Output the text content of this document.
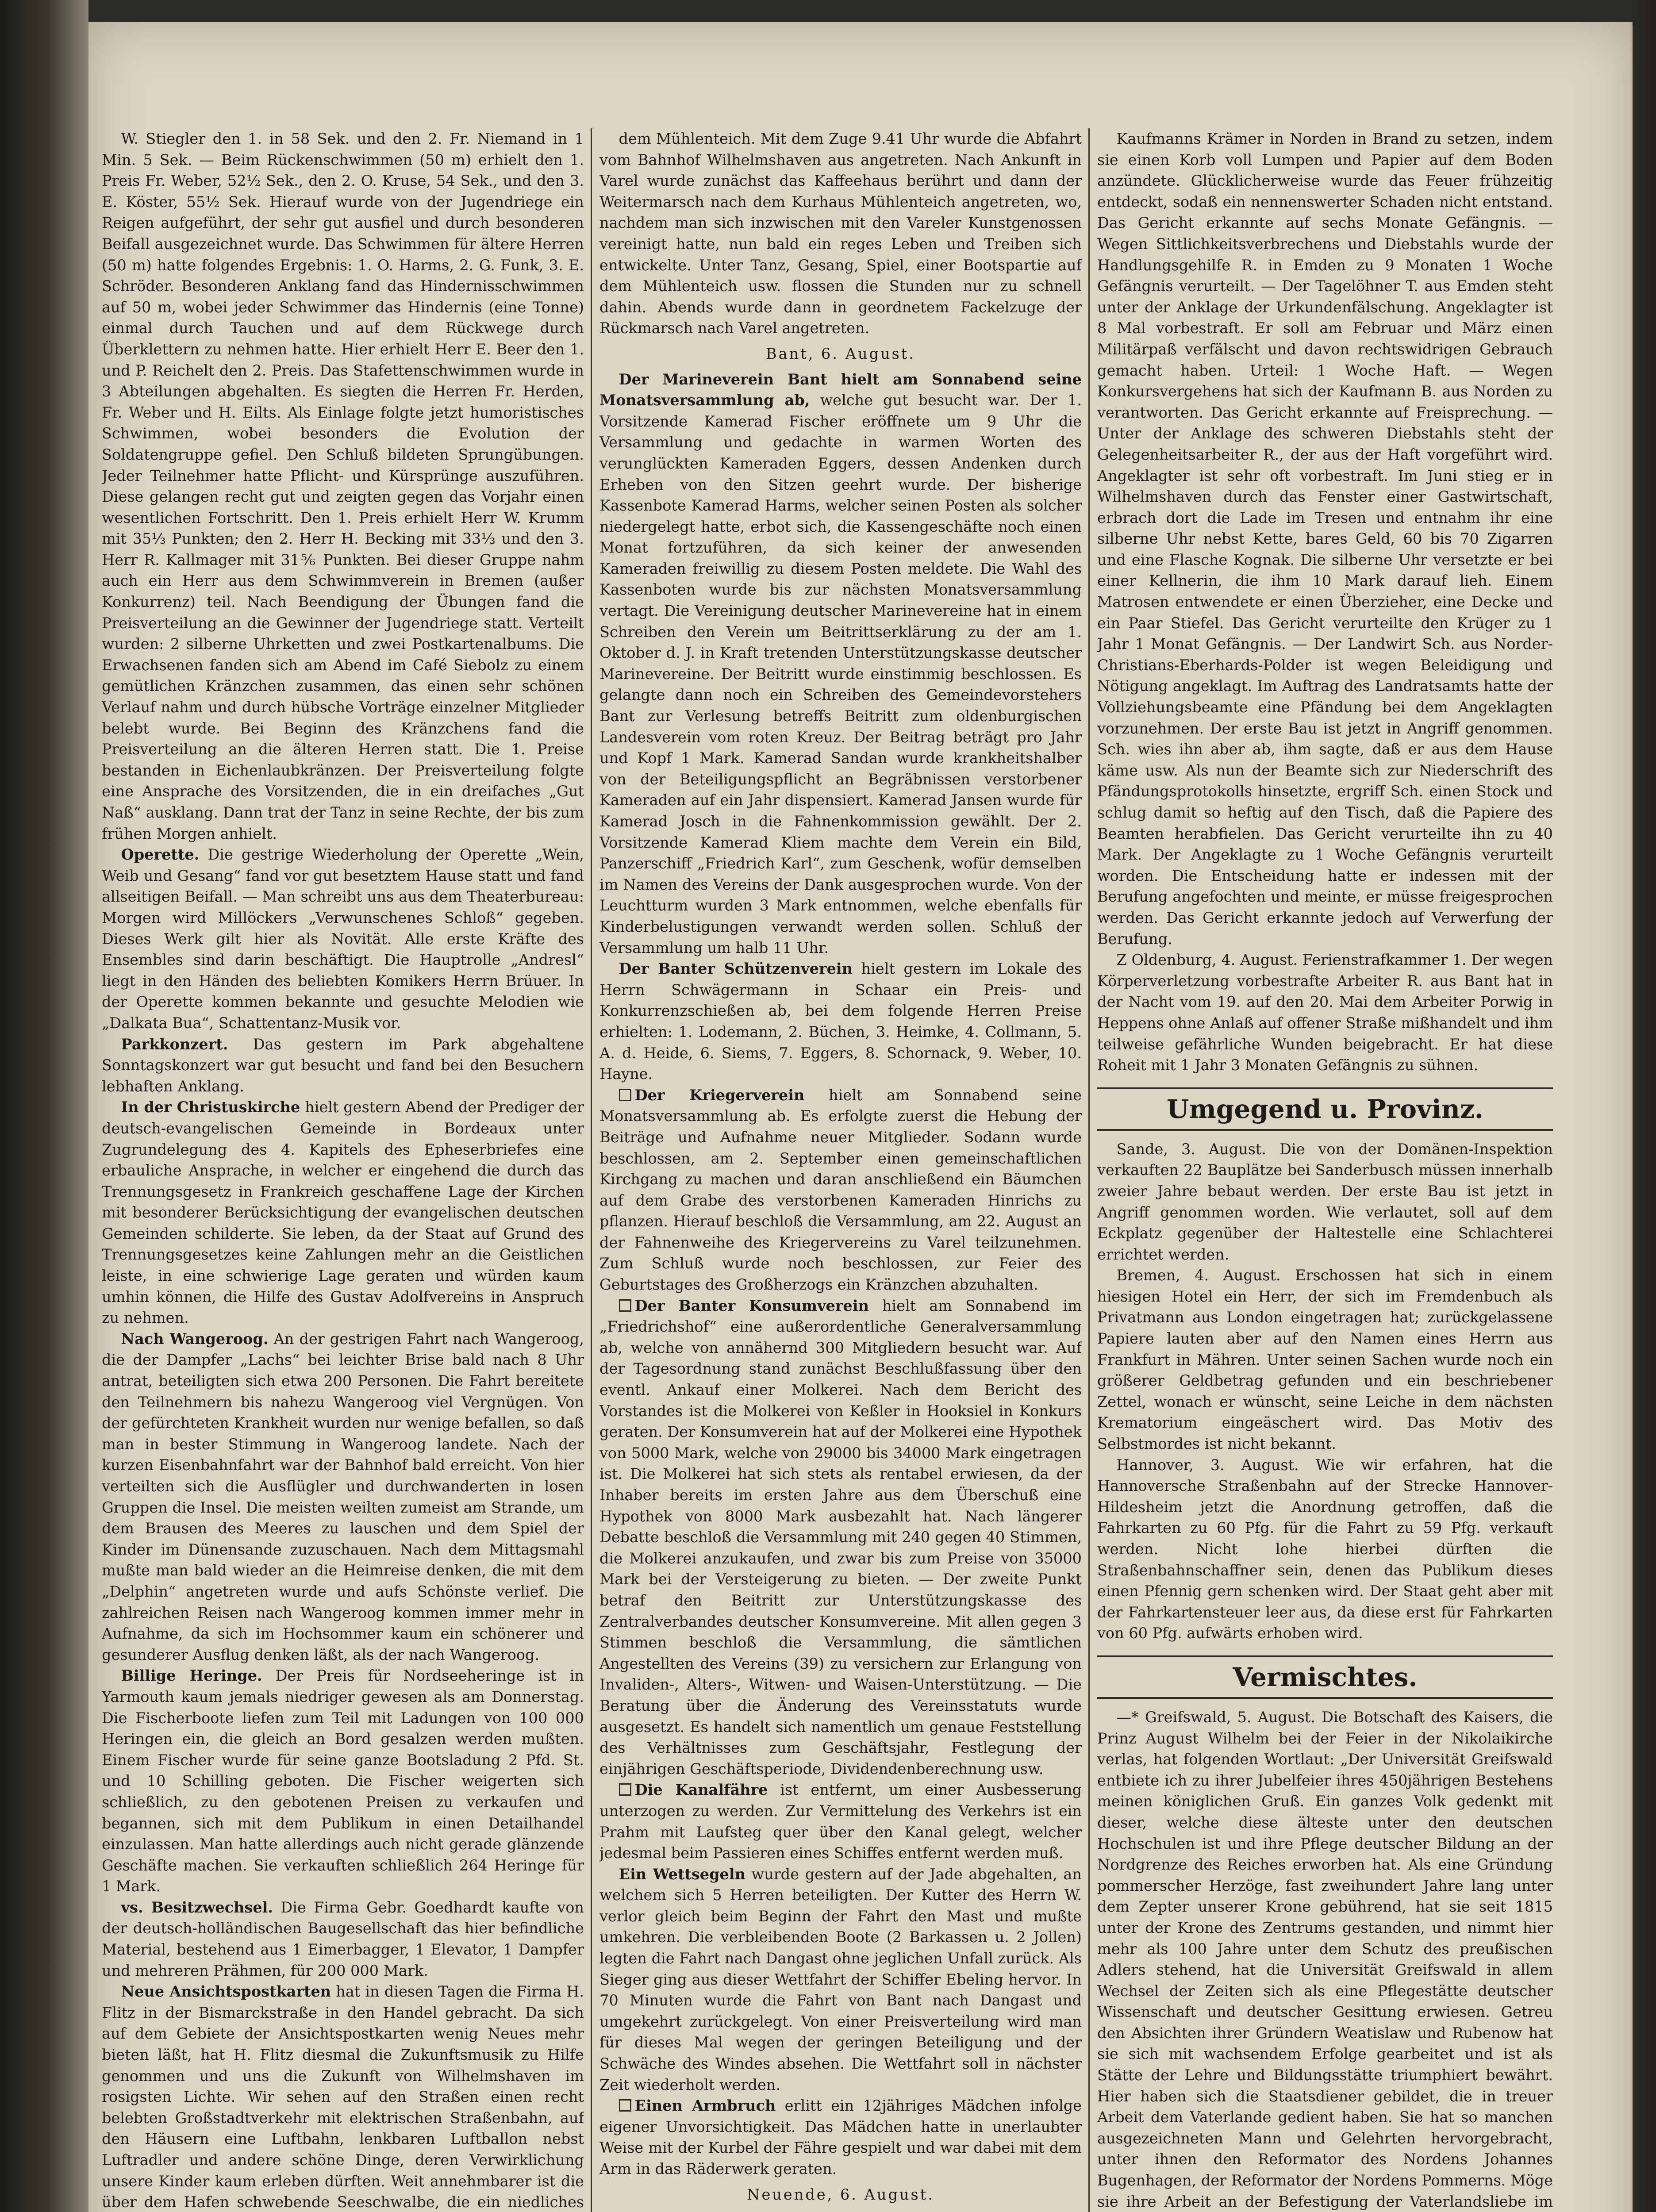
W. Stiegler den 1. in 58 Sek. und den 2. Fr. Niemand in 1 Min. 5 Sek. — Beim Rückenschwimmen (50 m) erhielt den 1. Preis Fr. Weber, 52½ Sek., den 2. O. Kruse, 54 Sek., und den 3. E. Köster, 55½ Sek. Hierauf wurde von der Jugendriege ein Reigen aufgeführt, der sehr gut ausfiel und durch besonderen Beifall ausgezeichnet wurde. Das Schwimmen für ältere Herren (50 m) hatte folgendes Ergebnis: 1. O. Harms, 2. G. Funk, 3. E. Schröder. Besonderen Anklang fand das Hindernisschwimmen auf 50 m, wobei jeder Schwimmer das Hindernis (eine Tonne) einmal durch Tauchen und auf dem Rückwege durch Überklettern zu nehmen hatte. Hier erhielt Herr E. Beer den 1. und P. Reichelt den 2. Preis. Das Stafettenschwimmen wurde in 3 Abteilungen abgehalten. Es siegten die Herren Fr. Herden, Fr. Weber und H. Eilts. Als Einlage folgte jetzt humoristisches Schwimmen, wobei besonders die Evolution der Soldatengruppe gefiel. Den Schluß bildeten Sprungübungen. Jeder Teilnehmer hatte Pflicht- und Kürsprünge auszuführen. Diese gelangen recht gut und zeigten gegen das Vorjahr einen wesentlichen Fortschritt. Den 1. Preis erhielt Herr W. Krumm mit 35⅓ Punkten; den 2. Herr H. Becking mit 33⅓ und den 3. Herr R. Kallmager mit 31⅚ Punkten. Bei dieser Gruppe nahm auch ein Herr aus dem Schwimmverein in Bremen (außer Konkurrenz) teil. Nach Beendigung der Übungen fand die Preisverteilung an die Gewinner der Jugendriege statt. Verteilt wurden: 2 silberne Uhrketten und zwei Postkartenalbums. Die Erwachsenen fanden sich am Abend im Café Siebolz zu einem gemütlichen Kränzchen zusammen, das einen sehr schönen Verlauf nahm und durch hübsche Vorträge einzelner Mitglieder belebt wurde. Bei Beginn des Kränzchens fand die Preisverteilung an die älteren Herren statt. Die 1. Preise bestanden in Eichenlaubkränzen. Der Preisverteilung folgte eine Ansprache des Vorsitzenden, die in ein dreifaches „Gut Naß“ ausklang. Dann trat der Tanz in seine Rechte, der bis zum frühen Morgen anhielt.

Operette. Die gestrige Wiederholung der Operette „Wein, Weib und Gesang“ fand vor gut besetztem Hause statt und fand allseitigen Beifall. — Man schreibt uns aus dem Theaterbureau: Morgen wird Millöckers „Verwunschenes Schloß“ gegeben. Dieses Werk gilt hier als Novität. Alle erste Kräfte des Ensembles sind darin beschäftigt. Die Hauptrolle „Andresl“ liegt in den Händen des beliebten Komikers Herrn Brüuer. In der Operette kommen bekannte und gesuchte Melodien wie „Dalkata Bua“, Schattentanz-Musik vor.

Parkkonzert. Das gestern im Park abgehaltene Sonntagskonzert war gut besucht und fand bei den Besuchern lebhaften Anklang.

In der Christuskirche hielt gestern Abend der Prediger der deutsch-evangelischen Gemeinde in Bordeaux unter Zugrundelegung des 4. Kapitels des Epheserbriefes eine erbauliche Ansprache, in welcher er eingehend die durch das Trennungsgesetz in Frankreich geschaffene Lage der Kirchen mit besonderer Berücksichtigung der evangelischen deutschen Gemeinden schilderte. Sie leben, da der Staat auf Grund des Trennungsgesetzes keine Zahlungen mehr an die Geistlichen leiste, in eine schwierige Lage geraten und würden kaum umhin können, die Hilfe des Gustav Adolfvereins in Anspruch zu nehmen.

Nach Wangeroog. An der gestrigen Fahrt nach Wangeroog, die der Dampfer „Lachs“ bei leichter Brise bald nach 8 Uhr antrat, beteiligten sich etwa 200 Personen. Die Fahrt bereitete den Teilnehmern bis nahezu Wangeroog viel Vergnügen. Von der gefürchteten Krankheit wurden nur wenige befallen, so daß man in bester Stimmung in Wangeroog landete. Nach der kurzen Eisenbahnfahrt war der Bahnhof bald erreicht. Von hier verteilten sich die Ausflügler und durchwanderten in losen Gruppen die Insel. Die meisten weilten zumeist am Strande, um dem Brausen des Meeres zu lauschen und dem Spiel der Kinder im Dünensande zuzuschauen. Nach dem Mittagsmahl mußte man bald wieder an die Heimreise denken, die mit dem „Delphin“ angetreten wurde und aufs Schönste verlief. Die zahlreichen Reisen nach Wangeroog kommen immer mehr in Aufnahme, da sich im Hochsommer kaum ein schönerer und gesunderer Ausflug denken läßt, als der nach Wangeroog.

Billige Heringe. Der Preis für Nordseeheringe ist in Yarmouth kaum jemals niedriger gewesen als am Donnerstag. Die Fischerboote liefen zum Teil mit Ladungen von 100 000 Heringen ein, die gleich an Bord gesalzen werden mußten. Einem Fischer wurde für seine ganze Bootsladung 2 Pfd. St. und 10 Schilling geboten. Die Fischer weigerten sich schließlich, zu den gebotenen Preisen zu verkaufen und begannen, sich mit dem Publikum in einen Detailhandel einzulassen. Man hatte allerdings auch nicht gerade glänzende Geschäfte machen. Sie verkauften schließlich 264 Heringe für 1 Mark.

vs. Besitzwechsel. Die Firma Gebr. Goedhardt kaufte von der deutsch-holländischen Baugesellschaft das hier befindliche Material, bestehend aus 1 Eimerbagger, 1 Elevator, 1 Dampfer und mehreren Prähmen, für 200 000 Mark.

Neue Ansichtspostkarten hat in diesen Tagen die Firma H. Flitz in der Bismarckstraße in den Handel gebracht. Da sich auf dem Gebiete der Ansichtspostkarten wenig Neues mehr bieten läßt, hat H. Flitz diesmal die Zukunftsmusik zu Hilfe genommen und uns die Zukunft von Wilhelmshaven im rosigsten Lichte. Wir sehen auf den Straßen einen recht belebten Großstadtverkehr mit elektrischen Straßenbahn, auf den Häusern eine Luftbahn, lenkbaren Luftballon nebst Luftradler und andere schöne Dinge, deren Verwirklichung unsere Kinder kaum erleben dürften. Weit annehmbarer ist die über dem Hafen schwebende Seeschwalbe, die ein niedliches

dem Mühlenteich. Mit dem Zuge 9.41 Uhr wurde die Abfahrt vom Bahnhof Wilhelmshaven aus angetreten. Nach Ankunft in Varel wurde zunächst das Kaffeehaus berührt und dann der Weitermarsch nach dem Kurhaus Mühlenteich angetreten, wo, nachdem man sich inzwischen mit den Vareler Kunstgenossen vereinigt hatte, nun bald ein reges Leben und Treiben sich entwickelte. Unter Tanz, Gesang, Spiel, einer Bootspartie auf dem Mühlenteich usw. flossen die Stunden nur zu schnell dahin. Abends wurde dann in geordnetem Fackelzuge der Rückmarsch nach Varel angetreten.

Bant, 6. August.

Der Marineverein Bant hielt am Sonnabend seine Monatsversammlung ab, welche gut besucht war. Der 1. Vorsitzende Kamerad Fischer eröffnete um 9 Uhr die Versammlung und gedachte in warmen Worten des verunglückten Kameraden Eggers, dessen Andenken durch Erheben von den Sitzen geehrt wurde. Der bisherige Kassenbote Kamerad Harms, welcher seinen Posten als solcher niedergelegt hatte, erbot sich, die Kassengeschäfte noch einen Monat fortzuführen, da sich keiner der anwesenden Kameraden freiwillig zu diesem Posten meldete. Die Wahl des Kassenboten wurde bis zur nächsten Monatsversammlung vertagt. Die Vereinigung deutscher Marinevereine hat in einem Schreiben den Verein um Beitrittserklärung zu der am 1. Oktober d. J. in Kraft tretenden Unterstützungskasse deutscher Marinevereine. Der Beitritt wurde einstimmig beschlossen. Es gelangte dann noch ein Schreiben des Gemeindevorstehers Bant zur Verlesung betreffs Beitritt zum oldenburgischen Landesverein vom roten Kreuz. Der Beitrag beträgt pro Jahr und Kopf 1 Mark. Kamerad Sandan wurde krankheitshalber von der Beteiligungspflicht an Begräbnissen verstorbener Kameraden auf ein Jahr dispensiert. Kamerad Jansen wurde für Kamerad Josch in die Fahnenkommission gewählt. Der 2. Vorsitzende Kamerad Kliem machte dem Verein ein Bild, Panzerschiff „Friedrich Karl“, zum Geschenk, wofür demselben im Namen des Vereins der Dank ausgesprochen wurde. Von der Leuchtturm wurden 3 Mark entnommen, welche ebenfalls für Kinderbelustigungen verwandt werden sollen. Schluß der Versammlung um halb 11 Uhr.

Der Banter Schützenverein hielt gestern im Lokale des Herrn Schwägermann in Schaar ein Preis- und Konkurrenzschießen ab, bei dem folgende Herren Preise erhielten: 1. Lodemann, 2. Büchen, 3. Heimke, 4. Collmann, 5. A. d. Heide, 6. Siems, 7. Eggers, 8. Schornack, 9. Weber, 10. Hayne.

Der Kriegerverein hielt am Sonnabend seine Monatsversammlung ab. Es erfolgte zuerst die Hebung der Beiträge und Aufnahme neuer Mitglieder. Sodann wurde beschlossen, am 2. September einen gemeinschaftlichen Kirchgang zu machen und daran anschließend ein Bäumchen auf dem Grabe des verstorbenen Kameraden Hinrichs zu pflanzen. Hierauf beschloß die Versammlung, am 22. August an der Fahnenweihe des Kriegervereins zu Varel teilzunehmen. Zum Schluß wurde noch beschlossen, zur Feier des Geburtstages des Großherzogs ein Kränzchen abzuhalten.

Der Banter Konsumverein hielt am Sonnabend im „Friedrichshof“ eine außerordentliche Generalversammlung ab, welche von annähernd 300 Mitgliedern besucht war. Auf der Tagesordnung stand zunächst Beschlußfassung über den eventl. Ankauf einer Molkerei. Nach dem Bericht des Vorstandes ist die Molkerei von Keßler in Hooksiel in Konkurs geraten. Der Konsumverein hat auf der Molkerei eine Hypothek von 5000 Mark, welche von 29000 bis 34000 Mark eingetragen ist. Die Molkerei hat sich stets als rentabel erwiesen, da der Inhaber bereits im ersten Jahre aus dem Überschuß eine Hypothek von 8000 Mark ausbezahlt hat. Nach längerer Debatte beschloß die Versammlung mit 240 gegen 40 Stimmen, die Molkerei anzukaufen, und zwar bis zum Preise von 35000 Mark bei der Versteigerung zu bieten. — Der zweite Punkt betraf den Beitritt zur Unterstützungskasse des Zentralverbandes deutscher Konsumvereine. Mit allen gegen 3 Stimmen beschloß die Versammlung, die sämtlichen Angestellten des Vereins (39) zu versichern zur Erlangung von Invaliden-, Alters-, Witwen- und Waisen-Unterstützung. — Die Beratung über die Änderung des Vereinsstatuts wurde ausgesetzt. Es handelt sich namentlich um genaue Feststellung des Verhältnisses zum Geschäftsjahr, Festlegung der einjährigen Geschäftsperiode, Dividendenberechnung usw.

Die Kanalfähre ist entfernt, um einer Ausbesserung unterzogen zu werden. Zur Vermittelung des Verkehrs ist ein Prahm mit Laufsteg quer über den Kanal gelegt, welcher jedesmal beim Passieren eines Schiffes entfernt werden muß.

Ein Wettsegeln wurde gestern auf der Jade abgehalten, an welchem sich 5 Herren beteiligten. Der Kutter des Herrn W. verlor gleich beim Beginn der Fahrt den Mast und mußte umkehren. Die verbleibenden Boote (2 Barkassen u. 2 Jollen) legten die Fahrt nach Dangast ohne jeglichen Unfall zurück. Als Sieger ging aus dieser Wettfahrt der Schiffer Ebeling hervor. In 70 Minuten wurde die Fahrt von Bant nach Dangast und umgekehrt zurückgelegt. Von einer Preisverteilung wird man für dieses Mal wegen der geringen Beteiligung und der Schwäche des Windes absehen. Die Wettfahrt soll in nächster Zeit wiederholt werden.

Einen Armbruch erlitt ein 12jähriges Mädchen infolge eigener Unvorsichtigkeit. Das Mädchen hatte in unerlaubter Weise mit der Kurbel der Fähre gespielt und war dabei mit dem Arm in das Räderwerk geraten.

Neuende, 6. August.

Kaufmanns Krämer in Norden in Brand zu setzen, indem sie einen Korb voll Lumpen und Papier auf dem Boden anzündete. Glücklicherweise wurde das Feuer frühzeitig entdeckt, sodaß ein nennenswerter Schaden nicht entstand. Das Gericht erkannte auf sechs Monate Gefängnis. — Wegen Sittlichkeitsverbrechens und Diebstahls wurde der Handlungsgehilfe R. in Emden zu 9 Monaten 1 Woche Gefängnis verurteilt. — Der Tagelöhner T. aus Emden steht unter der Anklage der Urkundenfälschung. Angeklagter ist 8 Mal vorbestraft. Er soll am Februar und März einen Militärpaß verfälscht und davon rechtswidrigen Gebrauch gemacht haben. Urteil: 1 Woche Haft. — Wegen Konkursvergehens hat sich der Kaufmann B. aus Norden zu verantworten. Das Gericht erkannte auf Freisprechung. — Unter der Anklage des schweren Diebstahls steht der Gelegenheitsarbeiter R., der aus der Haft vorgeführt wird. Angeklagter ist sehr oft vorbestraft. Im Juni stieg er in Wilhelmshaven durch das Fenster einer Gastwirtschaft, erbrach dort die Lade im Tresen und entnahm ihr eine silberne Uhr nebst Kette, bares Geld, 60 bis 70 Zigarren und eine Flasche Kognak. Die silberne Uhr versetzte er bei einer Kellnerin, die ihm 10 Mark darauf lieh. Einem Matrosen entwendete er einen Überzieher, eine Decke und ein Paar Stiefel. Das Gericht verurteilte den Krüger zu 1 Jahr 1 Monat Gefängnis. — Der Landwirt Sch. aus Norder-Christians-Eberhards-Polder ist wegen Beleidigung und Nötigung angeklagt. Im Auftrag des Landratsamts hatte der Vollziehungsbeamte eine Pfändung bei dem Angeklagten vorzunehmen. Der erste Bau ist jetzt in Angriff genommen. Sch. wies ihn aber ab, ihm sagte, daß er aus dem Hause käme usw. Als nun der Beamte sich zur Niederschrift des Pfändungsprotokolls hinsetzte, ergriff Sch. einen Stock und schlug damit so heftig auf den Tisch, daß die Papiere des Beamten herabfielen. Das Gericht verurteilte ihn zu 40 Mark. Der Angeklagte zu 1 Woche Gefängnis verurteilt worden. Die Entscheidung hatte er indessen mit der Berufung angefochten und meinte, er müsse freigesprochen werden. Das Gericht erkannte jedoch auf Verwerfung der Berufung.

Z Oldenburg, 4. August. Ferienstrafkammer 1. Der wegen Körperverletzung vorbestrafte Arbeiter R. aus Bant hat in der Nacht vom 19. auf den 20. Mai dem Arbeiter Porwig in Heppens ohne Anlaß auf offener Straße mißhandelt und ihm teilweise gefährliche Wunden beigebracht. Er hat diese Roheit mit 1 Jahr 3 Monaten Gefängnis zu sühnen.

Umgegend u. Provinz.

Sande, 3. August. Die von der Domänen-Inspektion verkauften 22 Bauplätze bei Sanderbusch müssen innerhalb zweier Jahre bebaut werden. Der erste Bau ist jetzt in Angriff genommen worden. Wie verlautet, soll auf dem Eckplatz gegenüber der Haltestelle eine Schlachterei errichtet werden.

Bremen, 4. August. Erschossen hat sich in einem hiesigen Hotel ein Herr, der sich im Fremdenbuch als Privatmann aus London eingetragen hat; zurückgelassene Papiere lauten aber auf den Namen eines Herrn aus Frankfurt in Mähren. Unter seinen Sachen wurde noch ein größerer Geldbetrag gefunden und ein beschriebener Zettel, wonach er wünscht, seine Leiche in dem nächsten Krematorium eingeäschert wird. Das Motiv des Selbstmordes ist nicht bekannt.

Hannover, 3. August. Wie wir erfahren, hat die Hannoversche Straßenbahn auf der Strecke Hannover-Hildesheim jetzt die Anordnung getroffen, daß die Fahrkarten zu 60 Pfg. für die Fahrt zu 59 Pfg. verkauft werden. Nicht lohe hierbei dürften die Straßenbahnschaffner sein, denen das Publikum dieses einen Pfennig gern schenken wird. Der Staat geht aber mit der Fahrkartensteuer leer aus, da diese erst für Fahrkarten von 60 Pfg. aufwärts erhoben wird.

Vermischtes.

—* Greifswald, 5. August. Die Botschaft des Kaisers, die Prinz August Wilhelm bei der Feier in der Nikolaikirche verlas, hat folgenden Wortlaut: „Der Universität Greifswald entbiete ich zu ihrer Jubelfeier ihres 450jährigen Bestehens meinen königlichen Gruß. Ein ganzes Volk gedenkt mit dieser, welche diese älteste unter den deutschen Hochschulen ist und ihre Pflege deutscher Bildung an der Nordgrenze des Reiches erworben hat. Als eine Gründung pommerscher Herzöge, fast zweihundert Jahre lang unter dem Zepter unserer Krone gebührend, hat sie seit 1815 unter der Krone des Zentrums gestanden, und nimmt hier mehr als 100 Jahre unter dem Schutz des preußischen Adlers stehend, hat die Universität Greifswald in allem Wechsel der Zeiten sich als eine Pflegestätte deutscher Wissenschaft und deutscher Gesittung erwiesen. Getreu den Absichten ihrer Gründern Weatislaw und Rubenow hat sie sich mit wachsendem Erfolge gearbeitet und ist als Stätte der Lehre und Bildungsstätte triumphiert bewährt. Hier haben sich die Staatsdiener gebildet, die in treuer Arbeit dem Vaterlande gedient haben. Sie hat so manchen ausgezeichneten Mann und Gelehrten hervorgebracht, unter ihnen den Reformator des Nordens Johannes Bugenhagen, der Reformator der Nordens Pommerns. Möge sie ihre Arbeit an der Befestigung der Vaterlandsliebe im
